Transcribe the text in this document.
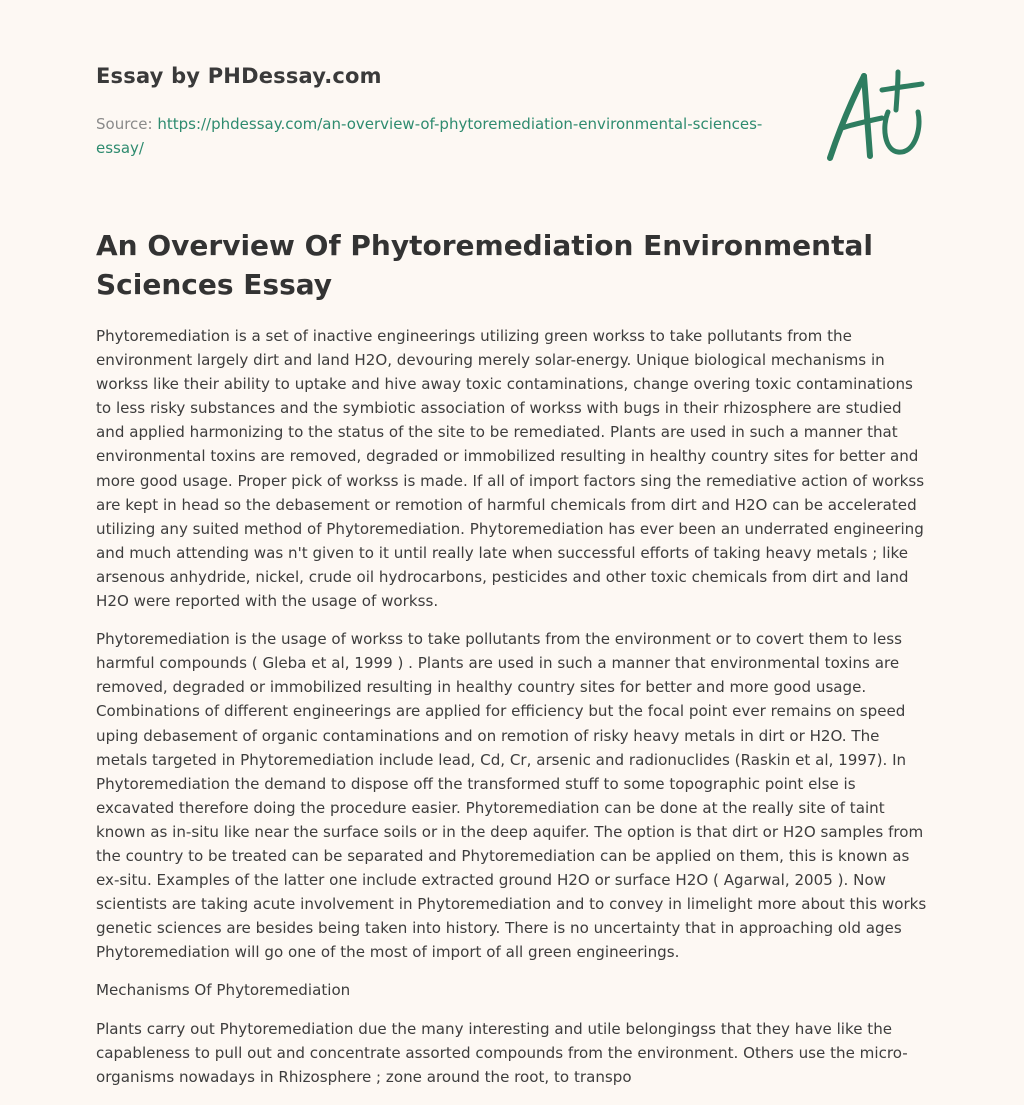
Essay by PHDessay.com
Source: https://phdessay.com/an-overview-of-phytoremediation-environmental-sciences-essay/
An Overview Of Phytoremediation Environmental Sciences Essay

Phytoremediation is a set of inactive engineerings utilizing green workss to take pollutants from the environment largely dirt and land H2O, devouring merely solar-energy. Unique biological mechanisms in workss like their ability to uptake and hive away toxic contaminations, change overing toxic contaminations to less risky substances and the symbiotic association of workss with bugs in their rhizosphere are studied and applied harmonizing to the status of the site to be remediated. Plants are used in such a manner that environmental toxins are removed, degraded or immobilized resulting in healthy country sites for better and more good usage. Proper pick of workss is made. If all of import factors sing the remediative action of workss are kept in head so the debasement or remotion of harmful chemicals from dirt and H2O can be accelerated utilizing any suited method of Phytoremediation. Phytoremediation has ever been an underrated engineering and much attending was n't given to it until really late when successful efforts of taking heavy metals ; like arsenous anhydride, nickel, crude oil hydrocarbons, pesticides and other toxic chemicals from dirt and land H2O were reported with the usage of workss.

Phytoremediation is the usage of workss to take pollutants from the environment or to covert them to less harmful compounds ( Gleba et al, 1999 ) . Plants are used in such a manner that environmental toxins are removed, degraded or immobilized resulting in healthy country sites for better and more good usage. Combinations of different engineerings are applied for efficiency but the focal point ever remains on speed uping debasement of organic contaminations and on remotion of risky heavy metals in dirt or H2O. The metals targeted in Phytoremediation include lead, Cd, Cr, arsenic and radionuclides (Raskin et al, 1997). In Phytoremediation the demand to dispose off the transformed stuff to some topographic point else is excavated therefore doing the procedure easier. Phytoremediation can be done at the really site of taint known as in-situ like near the surface soils or in the deep aquifer. The option is that dirt or H2O samples from the country to be treated can be separated and Phytoremediation can be applied on them, this is known as ex-situ. Examples of the latter one include extracted ground H2O or surface H2O ( Agarwal, 2005 ). Now scientists are taking acute involvement in Phytoremediation and to convey in limelight more about this works genetic sciences are besides being taken into history. There is no uncertainty that in approaching old ages Phytoremediation will go one of the most of import of all green engineerings.

Mechanisms Of Phytoremediation

Plants carry out Phytoremediation due the many interesting and utile belongingss that they have like the capableness to pull out and concentrate assorted compounds from the environment. Others use the micro-organisms nowadays in Rhizosphere ; zone around the root, to transpo
